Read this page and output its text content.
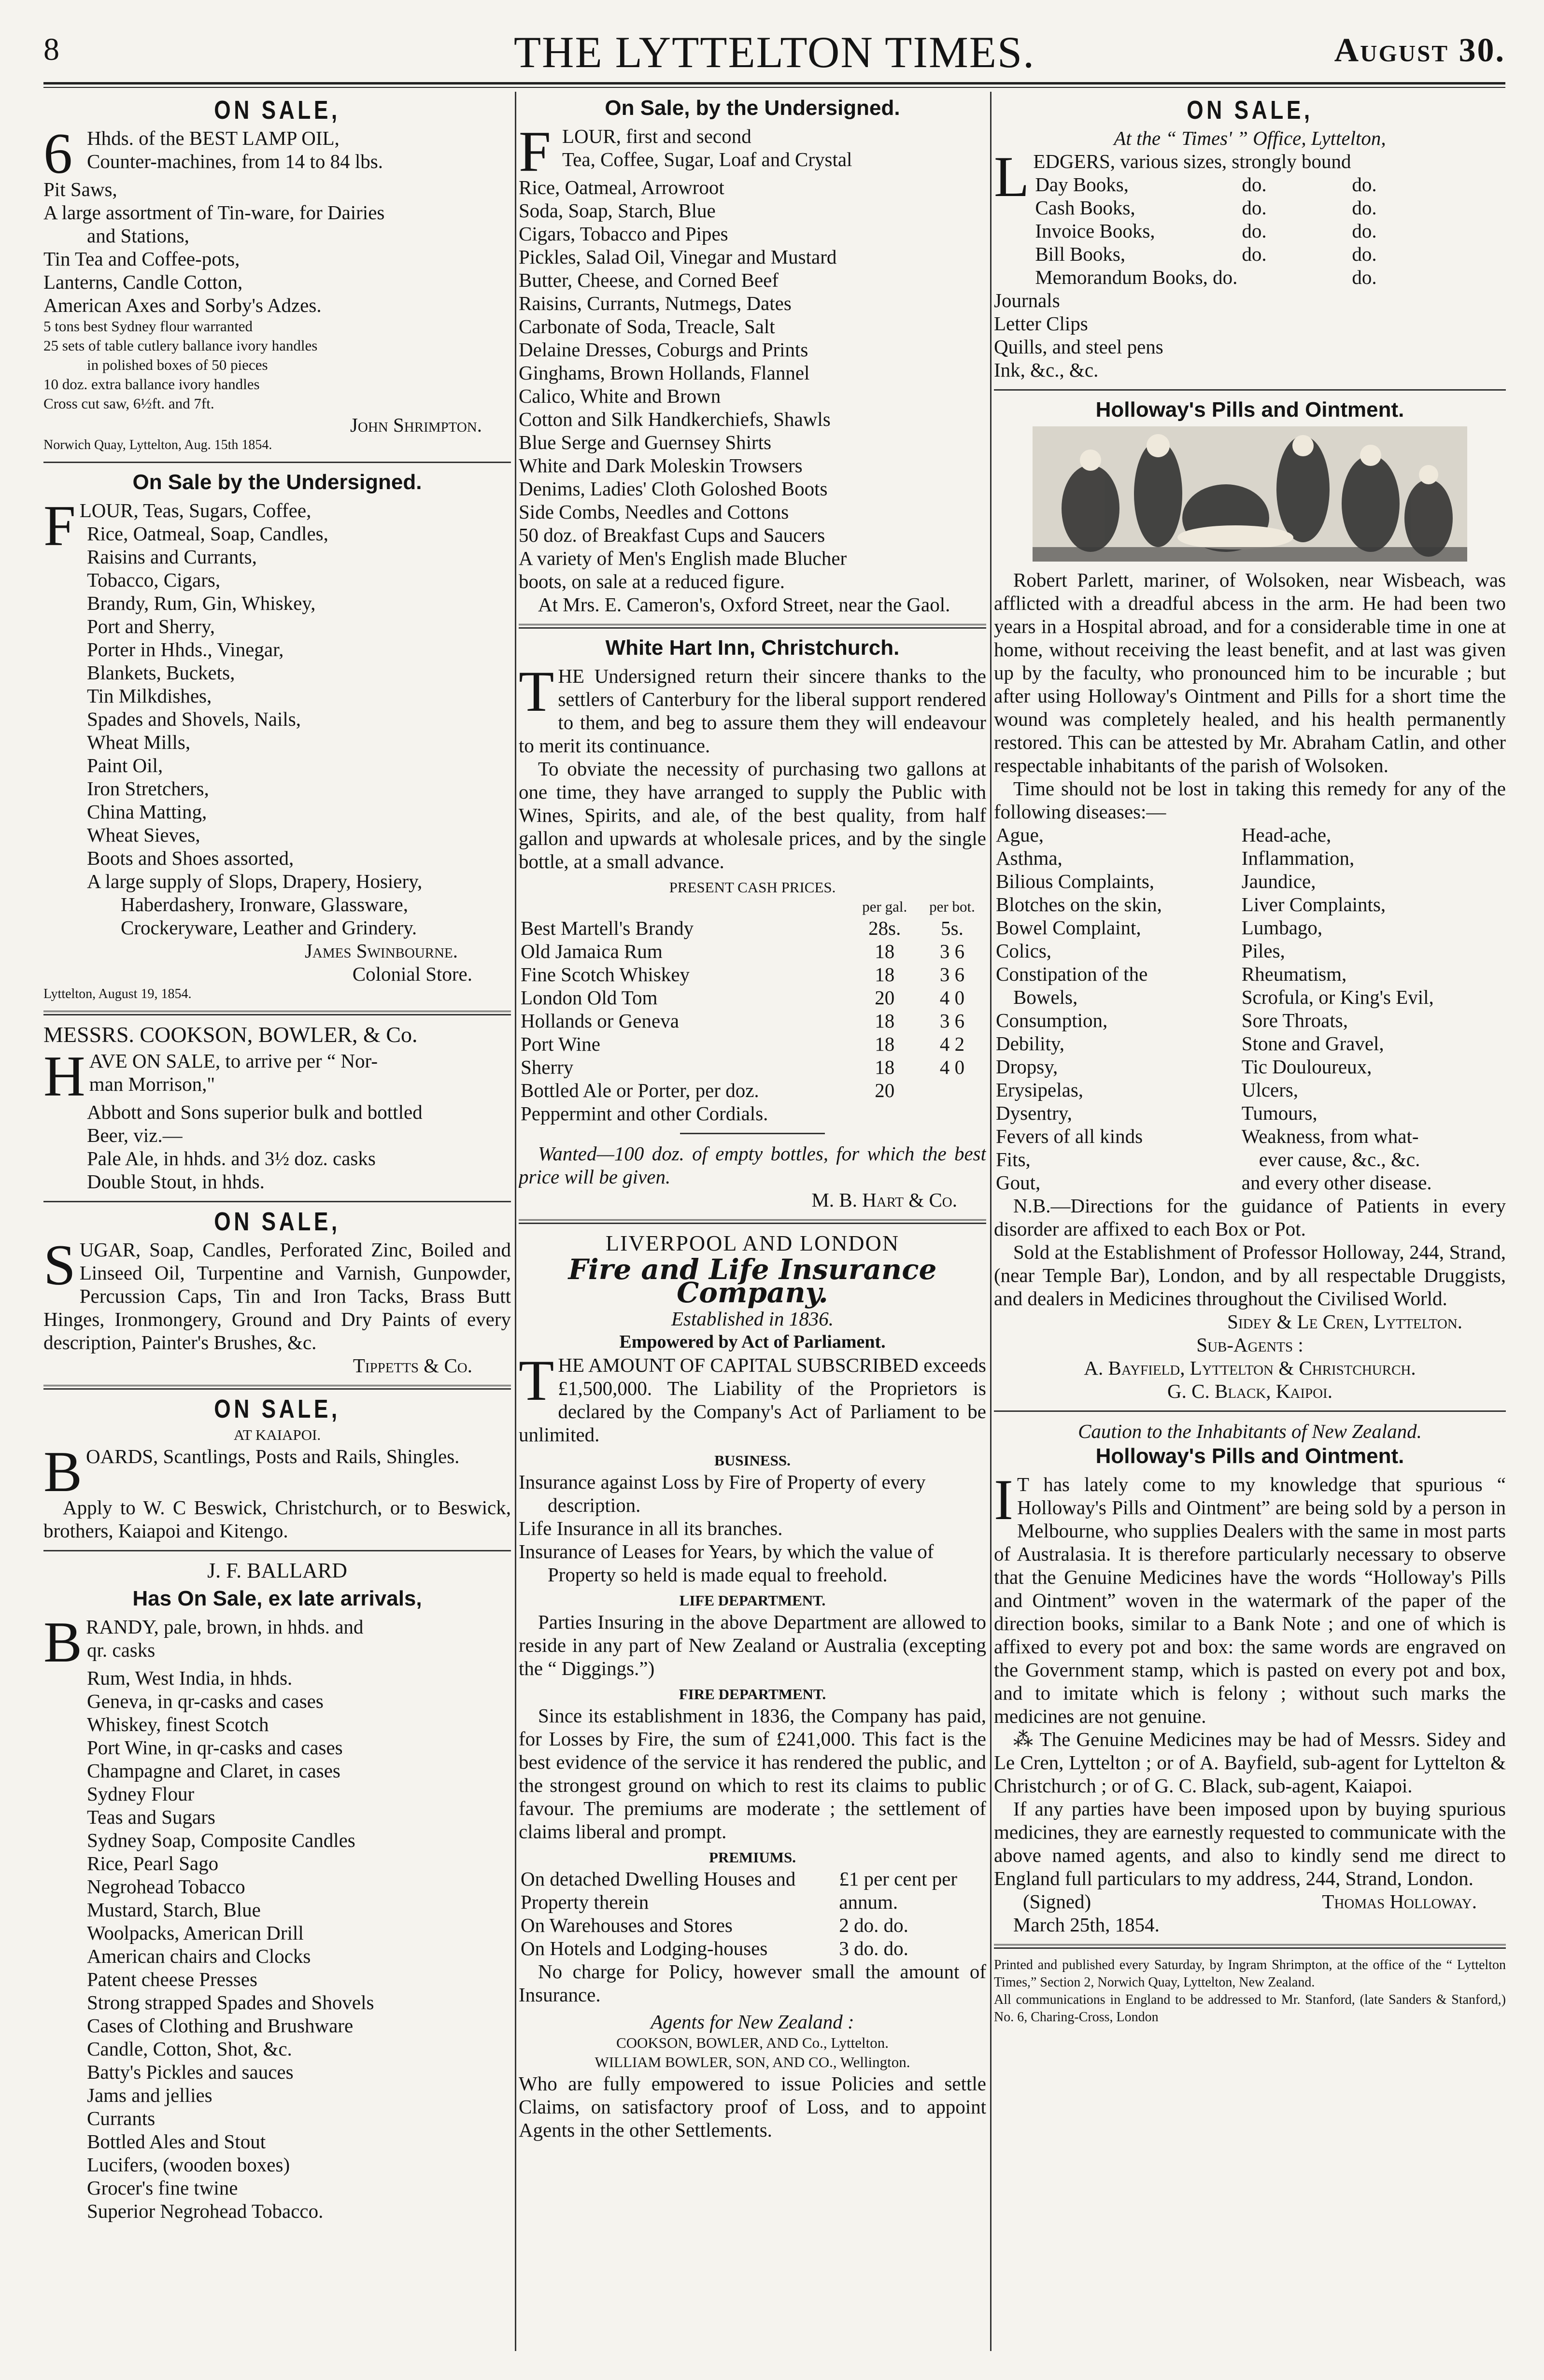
8	THE LYTTELTON TIMES.	August 30.
ON SALE,
6 Hhds. of the BEST LAMP OIL,
Counter-machines, from 14 to 84 lbs.
Pit Saws,
A large assortment of Tin-ware, for Dairies
and Stations,
Tin Tea and Coffee-pots,
Lanterns, Candle Cotton,
American Axes and Sorby's Adzes.
5 tons best Sydney flour warranted
25 sets of table cutlery ballance ivory handles
in polished boxes of 50 pieces
10 doz. extra ballance ivory handles
Cross cut saw, 6½ft. and 7ft.
John Shrimpton.
Norwich Quay, Lyttelton, Aug. 15th 1854.
On Sale by the Undersigned.
F LOUR, Teas, Sugars, Coffee,
Rice, Oatmeal, Soap, Candles,
Raisins and Currants,
Tobacco, Cigars,
Brandy, Rum, Gin, Whiskey,
Port and Sherry,
Porter in Hhds., Vinegar,
Blankets, Buckets,
Tin Milkdishes,
Spades and Shovels, Nails,
Wheat Mills,
Paint Oil,
Iron Stretchers,
China Matting,
Wheat Sieves,
Boots and Shoes assorted,
A large supply of Slops, Drapery, Hosiery,
Haberdashery, Ironware, Glassware,
Crockeryware, Leather and Grindery.
James Swinbourne.
Colonial Store.
Lyttelton, August 19, 1854.
MESSRS. COOKSON, BOWLER, & Co.
H AVE ON SALE, to arrive per “ Nor-
man Morrison,"
Abbott and Sons superior bulk and bottled
Beer, viz.—
Pale Ale, in hhds. and 3½ doz. casks
Double Stout, in hhds.
ON SALE,
S UGAR, Soap, Candles, Perforated Zinc, Boiled and Linseed Oil, Turpentine and Varnish, Gunpowder, Percussion Caps, Tin and Iron Tacks, Brass Butt Hinges, Ironmongery, Ground and Dry Paints of every description, Painter's Brushes, &c.

Tippetts & Co.
ON SALE,
AT KAIAPOI.
B OARDS, Scantlings, Posts and Rails, Shingles.

Apply to W. C Beswick, Christchurch, or to Beswick, brothers, Kaiapoi and Kitengo.

J. F. BALLARD
Has On Sale, ex late arrivals,
B RANDY, pale, brown, in hhds. and
qr. casks
Rum, West India, in hhds.
Geneva, in qr-casks and cases
Whiskey, finest Scotch
Port Wine, in qr-casks and cases
Champagne and Claret, in cases
Sydney Flour
Teas and Sugars
Sydney Soap, Composite Candles
Rice, Pearl Sago
Negrohead Tobacco
Mustard, Starch, Blue
Woolpacks, American Drill
American chairs and Clocks
Patent cheese Presses
Strong strapped Spades and Shovels
Cases of Clothing and Brushware
Candle, Cotton, Shot, &c.
Batty's Pickles and sauces
Jams and jellies
Currants
Bottled Ales and Stout
Lucifers, (wooden boxes)
Grocer's fine twine
Superior Negrohead Tobacco.
On Sale, by the Undersigned.
F LOUR, first and second
Tea, Coffee, Sugar, Loaf and Crystal
Rice, Oatmeal, Arrowroot
Soda, Soap, Starch, Blue
Cigars, Tobacco and Pipes
Pickles, Salad Oil, Vinegar and Mustard
Butter, Cheese, and Corned Beef
Raisins, Currants, Nutmegs, Dates
Carbonate of Soda, Treacle, Salt
Delaine Dresses, Coburgs and Prints
Ginghams, Brown Hollands, Flannel
Calico, White and Brown
Cotton and Silk Handkerchiefs, Shawls
Blue Serge and Guernsey Shirts
White and Dark Moleskin Trowsers
Denims, Ladies' Cloth Goloshed Boots
Side Combs, Needles and Cottons
50 doz. of Breakfast Cups and Saucers
A variety of Men's English made Blucher
boots, on sale at a reduced figure.

At Mrs. E. Cameron's, Oxford Street, near the Gaol.

White Hart Inn, Christchurch.
T HE Undersigned return their sincere thanks to the settlers of Canterbury for the liberal support rendered to them, and beg to assure them they will endeavour to merit its continuance.

To obviate the necessity of purchasing two gallons at one time, they have arranged to supply the Public with Wines, Spirits, and ale, of the best quality, from half gallon and upwards at wholesale prices, and by the single bottle, at a small advance.

PRESENT CASH PRICES.
	per gal.	per bot.
Best Martell's Brandy	28s.	5s.
Old Jamaica Rum	18	3 6
Fine Scotch Whiskey	18	3 6
London Old Tom	20	4 0
Hollands or Geneva	18	3 6
Port Wine	18	4 2
Sherry	18	4 0
Bottled Ale or Porter, per doz.	20	
Peppermint and other Cordials.		

Wanted—100 doz. of empty bottles, for which the best price will be given.

M. B. Hart & Co.
LIVERPOOL AND LONDON
Fire and Life Insurance Company.
Established in 1836.
Empowered by Act of Parliament.
T HE AMOUNT OF CAPITAL SUBSCRIBED exceeds £1,500,000. The Liability of the Proprietors is declared by the Company's Act of Parliament to be unlimited.

BUSINESS.
Insurance against Loss by Fire of Property of every description.
Life Insurance in all its branches.
Insurance of Leases for Years, by which the value of Property so held is made equal to freehold.
LIFE DEPARTMENT.

Parties Insuring in the above Department are allowed to reside in any part of New Zealand or Australia (excepting the “ Diggings.”)

FIRE DEPARTMENT.

Since its establishment in 1836, the Company has paid, for Losses by Fire, the sum of £241,000. This fact is the best evidence of the service it has rendered the public, and the strongest ground on which to rest its claims to public favour. The premiums are moderate ; the settlement of claims liberal and prompt.

PREMIUMS.
On detached Dwelling Houses and Property therein	£1 per cent per annum.
On Warehouses and Stores	2 do. do.
On Hotels and Lodging-houses	3 do. do.

No charge for Policy, however small the amount of Insurance.

Agents for New Zealand :
COOKSON, BOWLER, AND Co., Lyttelton.
WILLIAM BOWLER, SON, AND CO., Wellington.

Who are fully empowered to issue Policies and settle Claims, on satisfactory proof of Loss, and to appoint Agents in the other Settlements.

ON SALE,
At the “ Times' ” Office, Lyttelton,
L EDGERS, various sizes, strongly bound
Day Books,	do.	do.
Cash Books,	do.	do.
Invoice Books,	do.	do.
Bill Books,	do.	do.
Memorandum Books, do.		do.
Journals
Letter Clips
Quills, and steel pens
Ink, &c., &c.
Holloway's Pills and Ointment.

Robert Parlett, mariner, of Wolsoken, near Wisbeach, was afflicted with a dreadful abcess in the arm. He had been two years in a Hospital abroad, and for a considerable time in one at home, without receiving the least benefit, and at last was given up by the faculty, who pronounced him to be incurable ; but after using Holloway's Ointment and Pills for a short time the wound was completely healed, and his health permanently restored. This can be attested by Mr. Abraham Catlin, and other respectable inhabitants of the parish of Wolsoken.

Time should not be lost in taking this remedy for any of the following diseases:—

Ague,	Head-ache,
Asthma,	Inflammation,
Bilious Complaints,	Jaundice,
Blotches on the skin,	Liver Complaints,
Bowel Complaint,	Lumbago,
Colics,	Piles,
Constipation of the	Rheumatism,
Bowels,	Scrofula, or King's Evil,
Consumption,	Sore Throats,
Debility,	Stone and Gravel,
Dropsy,	Tic Douloureux,
Erysipelas,	Ulcers,
Dysentry,	Tumours,
Fevers of all kinds	Weakness, from what-
Fits,	ever cause, &c., &c.
Gout,	and every other disease.

N.B.—Directions for the guidance of Patients in every disorder are affixed to each Box or Pot.

Sold at the Establishment of Professor Holloway, 244, Strand, (near Temple Bar), London, and by all respectable Druggists, and dealers in Medicines throughout the Civilised World.

Sidey & Le Cren, Lyttelton.
Sub-Agents :
A. Bayfield, Lyttelton & Christchurch.
G. C. Black, Kaipoi.
Caution to the Inhabitants of New Zealand.
Holloway's Pills and Ointment.
I T has lately come to my knowledge that spurious “ Holloway's Pills and Ointment” are being sold by a person in Melbourne, who supplies Dealers with the same in most parts of Australasia. It is therefore particularly necessary to observe that the Genuine Medicines have the words “Holloway's Pills and Ointment” woven in the watermark of the paper of the direction books, similar to a Bank Note ; and one of which is affixed to every pot and box: the same words are engraved on the Government stamp, which is pasted on every pot and box, and to imitate which is felony ; without such marks the medicines are not genuine.

⁂ The Genuine Medicines may be had of Messrs. Sidey and Le Cren, Lyttelton ; or of A. Bayfield, sub-agent for Lyttelton & Christchurch ; or of G. C. Black, sub-agent, Kaiapoi.

If any parties have been imposed upon by buying spurious medicines, they are earnestly requested to communicate with the above named agents, and also to kindly send me direct to England full particulars to my address, 244, Strand, London.

(Signed)	Thomas Holloway.
March 25th, 1854.

Printed and published every Saturday, by Ingram Shrimpton, at the office of the “ Lyttelton Times,” Section 2, Norwich Quay, Lyttelton, New Zealand.

All communications in England to be addressed to Mr. Stanford, (late Sanders & Stanford,) No. 6, Charing-Cross, London
